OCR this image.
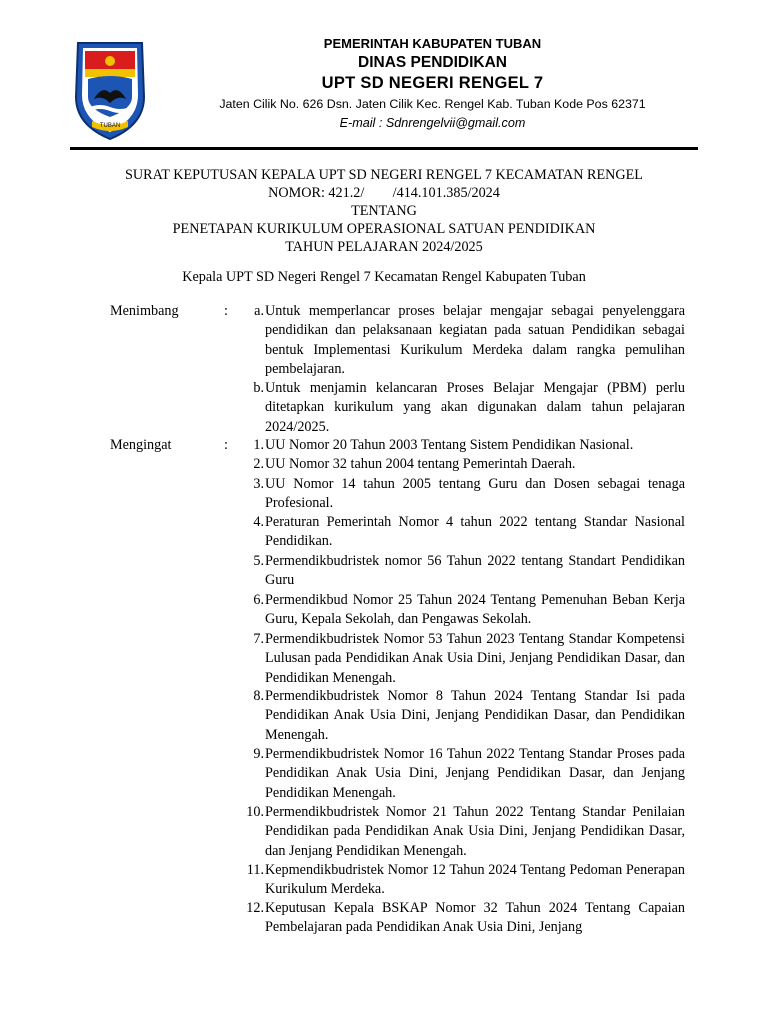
TUBAN
PEMERINTAH KABUPATEN TUBAN
DINAS PENDIDIKAN
UPT SD NEGERI RENGEL 7
Jaten Cilik No. 626 Dsn. Jaten Cilik Kec. Rengel Kab. Tuban Kode Pos 62371
E-mail : Sdnrengelvii@gmail.com
SURAT KEPUTUSAN KEPALA UPT SD NEGERI RENGEL 7 KECAMATAN RENGEL
NOMOR: 421.2/        /414.101.385/2024
TENTANG
PENETAPAN KURIKULUM OPERASIONAL SATUAN PENDIDIKAN
TAHUN PELAJARAN 2024/2025
Kepala UPT SD Negeri Rengel 7 Kecamatan Rengel Kabupaten Tuban
Menimbang	:	a. Untuk memperlancar proses belajar mengajar sebagai penyelenggara pendidikan dan pelaksanaan kegiatan pada satuan Pendidikan sebagai bentuk Implementasi Kurikulum Merdeka dalam rangka pemulihan pembelajaran.
b. Untuk menjamin kelancaran Proses Belajar Mengajar (PBM) perlu ditetapkan kurikulum yang akan digunakan dalam tahun pelajaran 2024/2025.
Mengingat	:	1. UU Nomor 20 Tahun 2003 Tentang Sistem Pendidikan Nasional.
2. UU Nomor 32 tahun 2004 tentang Pemerintah Daerah.
3. UU Nomor 14 tahun 2005 tentang Guru dan Dosen sebagai tenaga Profesional.
4. Peraturan Pemerintah Nomor 4 tahun 2022 tentang Standar Nasional Pendidikan.
5. Permendikbudristek nomor 56 Tahun 2022 tentang Standart Pendidikan Guru
6. Permendikbud Nomor 25 Tahun 2024 Tentang Pemenuhan Beban Kerja Guru, Kepala Sekolah, dan Pengawas Sekolah.
7. Permendikbudristek Nomor 53 Tahun 2023 Tentang Standar Kompetensi Lulusan pada Pendidikan Anak Usia Dini, Jenjang Pendidikan Dasar, dan Pendidikan Menengah.
8. Permendikbudristek Nomor 8 Tahun 2024 Tentang Standar Isi pada Pendidikan Anak Usia Dini, Jenjang Pendidikan Dasar, dan Pendidikan Menengah.
9. Permendikbudristek Nomor 16 Tahun 2022 Tentang Standar Proses pada Pendidikan Anak Usia Dini, Jenjang Pendidikan Dasar, dan Jenjang Pendidikan Menengah.
10. Permendikbudristek Nomor 21 Tahun 2022 Tentang Standar Penilaian Pendidikan pada Pendidikan Anak Usia Dini, Jenjang Pendidikan Dasar, dan Jenjang Pendidikan Menengah.
11. Kepmendikbudristek Nomor 12 Tahun 2024 Tentang Pedoman Penerapan Kurikulum Merdeka.
12. Keputusan Kepala BSKAP Nomor 32 Tahun 2024 Tentang Capaian Pembelajaran pada Pendidikan Anak Usia Dini, Jenjang
